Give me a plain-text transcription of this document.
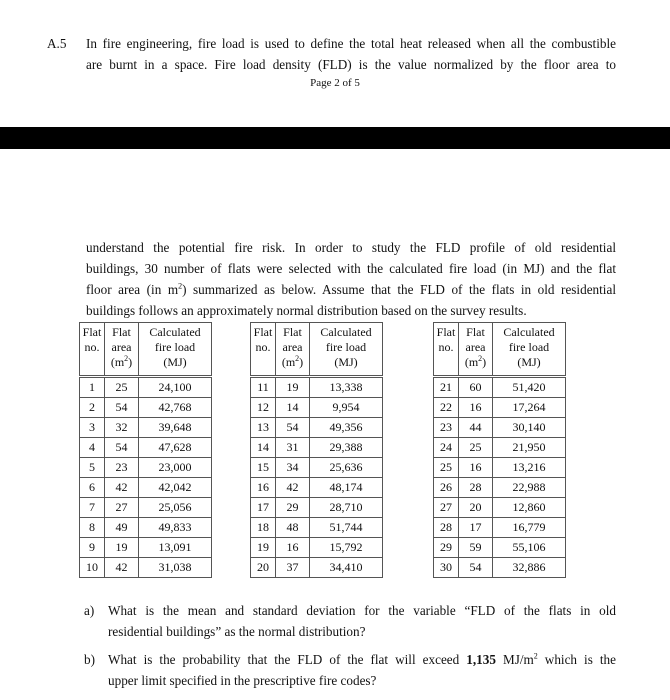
A.5 In fire engineering, fire load is used to define the total heat released when all the combustible
are burnt in a space. Fire load density (FLD) is the value normalized by the floor area to
Page 2 of 5
understand the potential fire risk. In order to study the FLD profile of old residential
buildings, 30 number of flats were selected with the calculated fire load (in MJ) and the flat
floor area (in $m^2$) summarized as below. Assume that the FLD of the flats in old residential
buildings follows an approximately normal distribution based on the survey results.
Flat
no.	Flat
area
$(m^2)$	Calculated
fire load
(MJ)
1	25	24,100
2	54	42,768
3	32	39,648
4	54	47,628
5	23	23,000
6	42	42,042
7	27	25,056
8	49	49,833
9	19	13,091
10	42	31,038
Flat
no.	Flat
area
$(m^2)$	Calculated
fire load
(MJ)
11	19	13,338
12	14	9,954
13	54	49,356
14	31	29,388
15	34	25,636
16	42	48,174
17	29	28,710
18	48	51,744
19	16	15,792
20	37	34,410
Flat
no.	Flat
area
$(m^2)$	Calculated
fire load
(MJ)
21	60	51,420
22	16	17,264
23	44	30,140
24	25	21,950
25	16	13,216
26	28	22,988
27	20	12,860
28	17	16,779
29	59	55,106
30	54	32,886
a) What is the mean and standard deviation for the variable “FLD of the flats in old
residential buildings” as the normal distribution?
b) What is the probability that the FLD of the flat will exceed 1,135 $MJ/m^2$ which is the
upper limit specified in the prescriptive fire codes?
